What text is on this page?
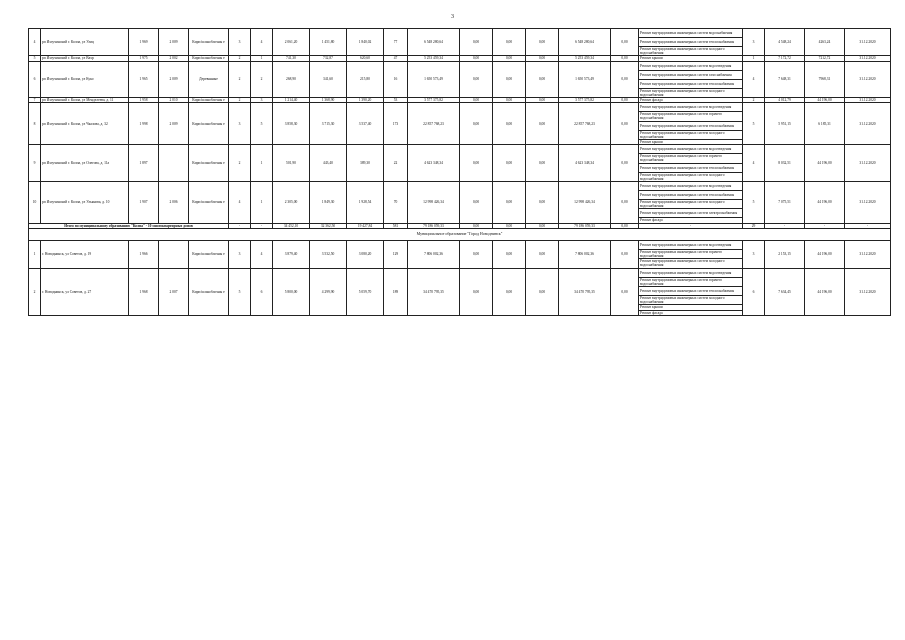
3
4	рп Излучинский г. Колпа, ул Улиц	1 969	2 009	Кирп/шлакоблочны е	3	4	2 061,20	1 451,80	1 840,02	77	6 548 280,64	0,00	0,00	0,00	6 548 280,64	0,00	Ремонт внутридомовых инженерных систем водоснабжения	3	4 548,24	4263,24	31.12.2020
																	Ремонт внутридомовых инженерных систем теплоснабжения				
																	Ремонт внутридомовых инженерных систем холодного водоснабжения				
5	рп Излучинский г. Колпа, ул Вахр	1 975	2 002	Кирп/шлакоблочны е	2	1	741,30	732,87	620,60	47	5 253 459,34	0,00	0,00	0,00	5 253 459,34	0,00	Ремонт крыши	1	7 172,72	7212,72	31.12.2020
6	рп Излучинский г. Колпа, ул Куко	1 965	2 009	Деревянные	2	2	268,90	341,60	215,80	16	1 650 573,49	0,00	0,00	0,00	1 650 573,49	0,00	Ремонт внутридомовых инженерных систем водоотведения	4	7 648,31	7968,31	31.12.2020
																	Ремонт внутридомовых инженерных систем газоснабжения				
																	Ремонт внутридомовых инженерных систем теплоснабжения				
																	Ремонт внутридомовых инженерных систем холодного водоснабжения				
7	рп Излучинский г. Колпа, ул Менделеева, д. 11	1 958	2 010	Кирп/шлакоблочны е	2	3	1 214,40	1 368,90	1 390,20	53	3 577 375,82	0,00	0,00	0,00	3 577 375,82	0,00	Ремонт фасада	2	4 012,79	44 196,00	31.12.2020
8	рп Излучинский г. Колпа, ул Чкалова, д. 32	1 998	2 009	Кирп/шлакоблочны е	3	5	3 858,30	3 715,30	3 537,40	173	22 857 768,23	0,00	0,00	0,00	22 857 768,23	0,00	Ремонт внутридомовых инженерных систем водоотведения	5	5 951,15	6 185,31	31.12.2020
																	Ремонт внутридомовых инженерных систем горячего водоснабжения				
																	Ремонт внутридомовых инженерных систем теплоснабжения				
																	Ремонт внутридомовых инженерных систем холодного водоснабжения				
																	Ремонт крыши				
9	рп Излучинский г. Колпа, ул Олегова, д. 11а	1 897		Кирп/шлакоблочны е	2	1	501,90	443,40	389,30	22	4 623 348,34	0,00	0,00	0,00	4 623 348,34	0,00	Ремонт внутридомовых инженерных систем водоотведения	4	8 032,51	44 196,00	31.12.2020
																	Ремонт внутридомовых инженерных систем горячего водоснабжения				
																	Ремонт внутридомовых инженерных систем теплоснабжения				
																	Ремонт внутридомовых инженерных систем холодного водоснабжения				
10	рп Излучинский г. Колпа, ул Ульянова, д. 10	1 907	2 006	Кирп/шлакоблочны е	4	1	2 305,00	1 849,30	1 928,54	70	12 998 426,34	0,00	0,00	0,00	12 998 426,34	0,00	Ремонт внутридомовых инженерных систем водоотведения	5	7 075,51	44 196,00	31.12.2020
																	Ремонт внутридомовых инженерных систем теплоснабжения				
																	Ремонт внутридомовых инженерных систем холодного водоснабжения				
																	Ремонт внутридомовых инженерных систем электроснабжения				
																	Ремонт фасада				
Итого по муниципальному образованию "Колпа" - 10 многоквартирных домов					-	-	34 452,10	32 362,50	19 427,84	581	79 186 059,33	0,00	0,00	0,00	79 186 059,33	0,00	-	29	-	-	-
Муниципальное образование "Город Новоднинск"																					
1	г. Новоднинск, ул Советов, д. 19	1 966		Кирп/шлакоблочны е	3	4	3 879,40	3 532,50	3 080,20	129	7 806 002,36	0,00	0,00	0,00	7 806 002,36	0,00	Ремонт внутридомовых инженерных систем водоотведения	3	2 153,15	44 196,00	31.12.2020
																	Ремонт внутридомовых инженерных систем горячего водоснабжения				
																	Ремонт внутридомовых инженерных систем холодного водоснабжения				
2	г. Новоднинск, ул Советов, д. 27	1 968	2 007	Кирп/шлакоблочны е	5	6	5 800,00	4 299,90	5 059,70	189	34 470 795,35	0,00	0,00	0,00	34 470 795,35	0,00	Ремонт внутридомовых инженерных систем водоотведения	6	7 634,45	44 196,00	31.12.2020
																	Ремонт внутридомовых инженерных систем горячего водоснабжения				
																	Ремонт внутридомовых инженерных систем теплоснабжения				
																	Ремонт внутридомовых инженерных систем холодного водоснабжения				
																	Ремонт крыши				
																	Ремонт фасада				
